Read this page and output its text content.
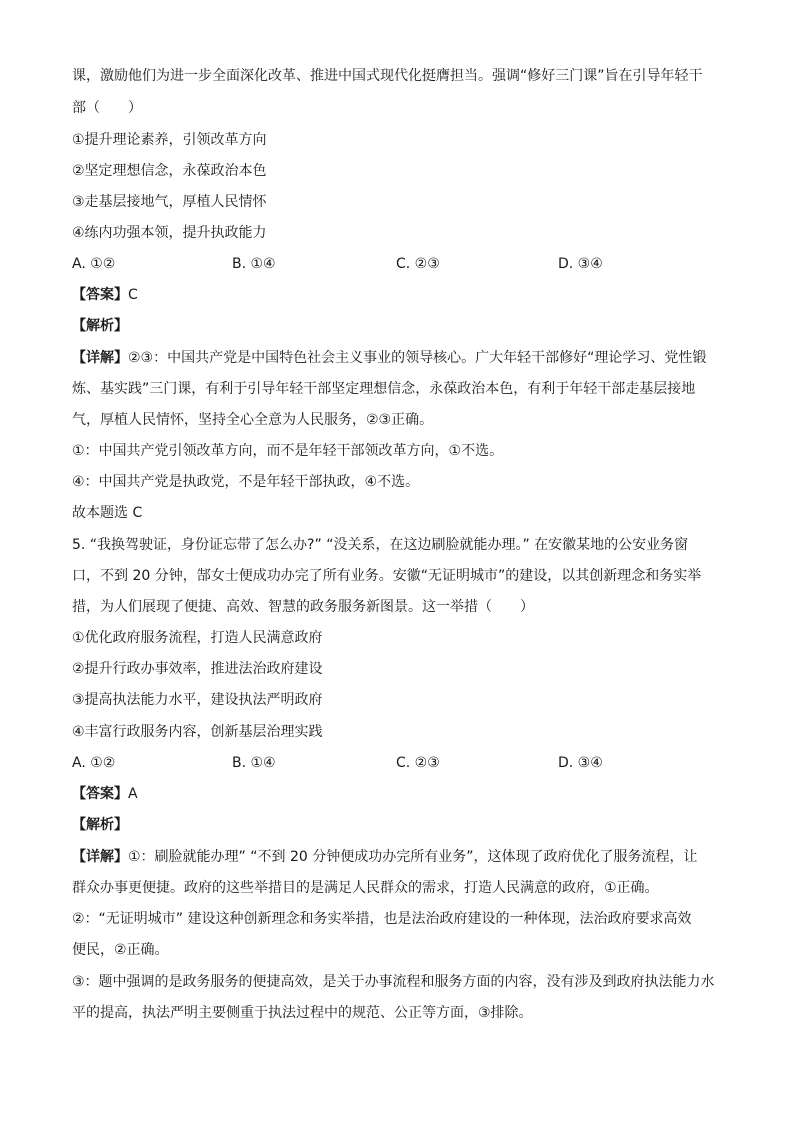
课，激励他们为进一步全面深化改革、推进中国式现代化挺膺担当。强调“修好三门课”旨在引导年轻干
部（　　）
①提升理论素养，引领改革方向
②坚定理想信念，永葆政治本色
③走基层接地气，厚植人民情怀
④练内功强本领，提升执政能力
A. ①②	B. ①④	C. ②③	D. ③④
【答案】C
【解析】
【详解】②③：中国共产党是中国特色社会主义事业的领导核心。广大年轻干部修好“理论学习、党性锻
炼、基实践”三门课，有利于引导年轻干部坚定理想信念，永葆政治本色，有利于年轻干部走基层接地
气，厚植人民情怀，坚持全心全意为人民服务，②③正确。
①：中国共产党引领改革方向，而不是年轻干部领改革方向，①不选。
④：中国共产党是执政党，不是年轻干部执政，④不选。
故本题选 C
5. “我换驾驶证，身份证忘带了怎么办?” “没关系，在这边刷脸就能办理。” 在安徽某地的公安业务窗
口，不到 20 分钟，郜女士便成功办完了所有业务。安徽“无证明城市”的建设，以其创新理念和务实举
措，为人们展现了便捷、高效、智慧的政务服务新图景。这一举措（　　）
①优化政府服务流程，打造人民满意政府
②提升行政办事效率，推进法治政府建设
③提高执法能力水平，建设执法严明政府
④丰富行政服务内容，创新基层治理实践
A. ①②	B. ①④	C. ②③	D. ③④
【答案】A
【解析】
【详解】①：刷脸就能办理” “不到 20 分钟便成功办完所有业务”，这体现了政府优化了服务流程，让
群众办事更便捷。政府的这些举措目的是满足人民群众的需求，打造人民满意的政府，①正确。
②：“无证明城市” 建设这种创新理念和务实举措，也是法治政府建设的一种体现，法治政府要求高效
便民，②正确。
③：题中强调的是政务服务的便捷高效，是关于办事流程和服务方面的内容，没有涉及到政府执法能力水
平的提高，执法严明主要侧重于执法过程中的规范、公正等方面，③排除。
